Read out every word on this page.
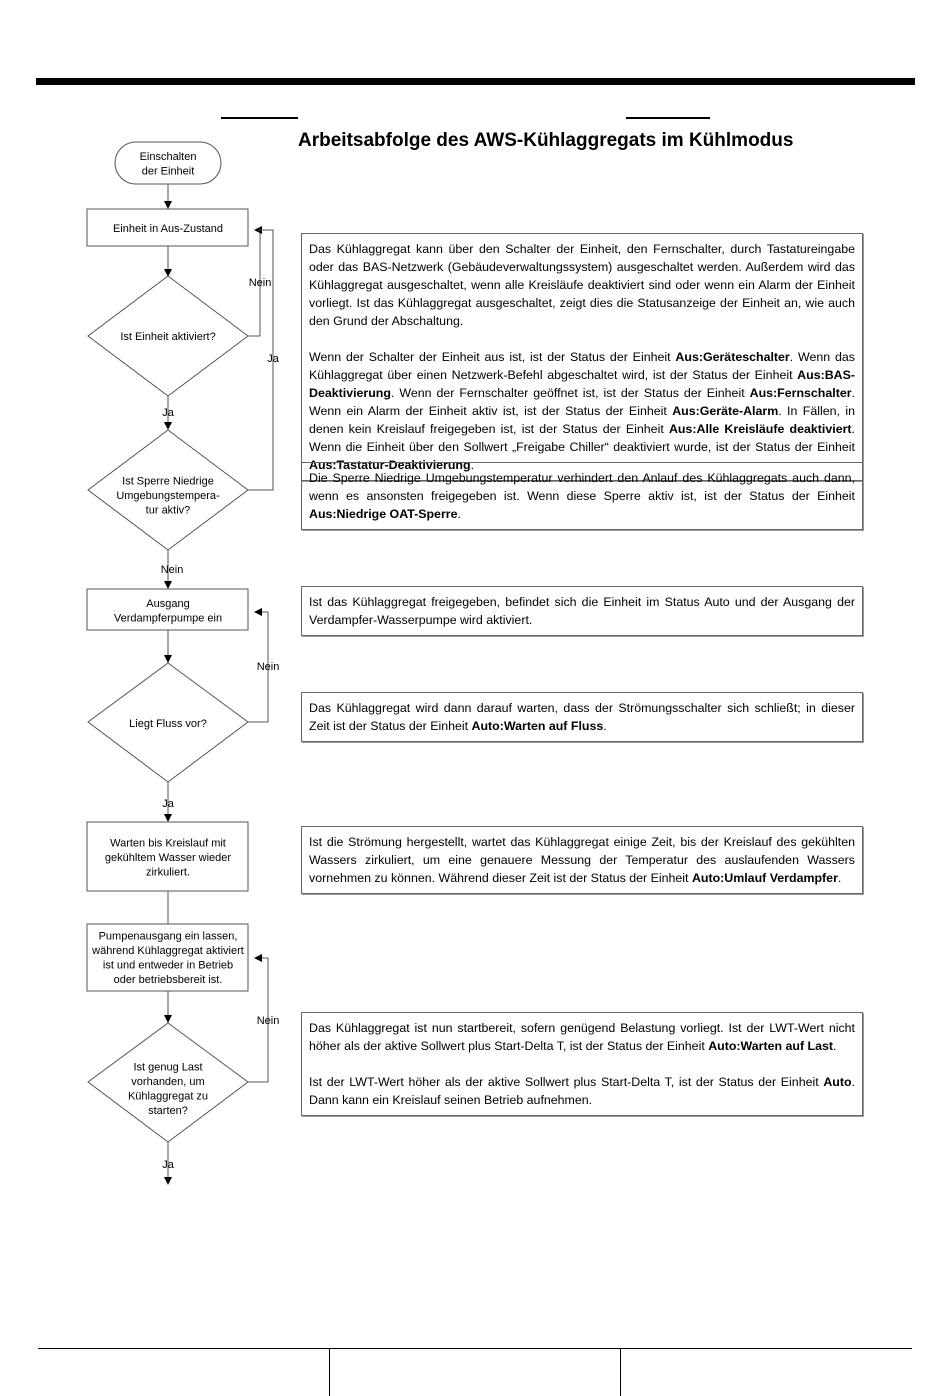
Arbeitsabfolge des AWS-Kühlaggregats im Kühlmodus
Einschalten der Einheit
Einheit in Aus-Zustand
Ist Einheit aktiviert?
Ist Sperre Niedrige Umgebungstempera-tur aktiv?
Ausgang Verdampferpumpe ein
Liegt Fluss vor?
Warten bis Kreislauf mit gekühltem Wasser wieder zirkuliert.
Pumpenausgang ein lassen, während Kühlaggregat aktiviert ist und entweder in Betrieb oder betriebsbereit ist.
Ist genug Last vorhanden, um Kühlaggregat zu starten?
Nein
Ja
Ja
Nein
Nein
Ja
Nein
Ja

Das Kühlaggregat kann über den Schalter der Einheit, den Fernschalter, durch Tastatureingabe oder das BAS-Netzwerk (Gebäudeverwaltungssystem) ausgeschaltet werden. Außerdem wird das Kühlaggregat ausgeschaltet, wenn alle Kreisläufe deaktiviert sind oder wenn ein Alarm der Einheit vorliegt. Ist das Kühlaggregat ausgeschaltet, zeigt dies die Statusanzeige der Einheit an, wie auch den Grund der Abschaltung.

Wenn der Schalter der Einheit aus ist, ist der Status der Einheit Aus:Geräteschalter. Wenn das Kühlaggregat über einen Netzwerk-Befehl abgeschaltet wird, ist der Status der Einheit Aus:BAS-Deaktivierung. Wenn der Fernschalter geöffnet ist, ist der Status der Einheit Aus:Fernschalter. Wenn ein Alarm der Einheit aktiv ist, ist der Status der Einheit Aus:Geräte-Alarm. In Fällen, in denen kein Kreislauf freigegeben ist, ist der Status der Einheit Aus:Alle Kreisläufe deaktiviert. Wenn die Einheit über den Sollwert „Freigabe Chiller“ deaktiviert wurde, ist der Status der Einheit Aus:Tastatur-Deaktivierung.

Die Sperre Niedrige Umgebungstemperatur verhindert den Anlauf des Kühlaggregats auch dann, wenn es ansonsten freigegeben ist. Wenn diese Sperre aktiv ist, ist der Status der Einheit Aus:Niedrige OAT-Sperre.

Ist das Kühlaggregat freigegeben, befindet sich die Einheit im Status Auto und der Ausgang der Verdampfer-Wasserpumpe wird aktiviert.

Das Kühlaggregat wird dann darauf warten, dass der Strömungsschalter sich schließt; in dieser Zeit ist der Status der Einheit Auto:Warten auf Fluss.

Ist die Strömung hergestellt, wartet das Kühlaggregat einige Zeit, bis der Kreislauf des gekühlten Wassers zirkuliert, um eine genauere Messung der Temperatur des auslaufenden Wassers vornehmen zu können. Während dieser Zeit ist der Status der Einheit Auto:Umlauf Verdampfer.

Das Kühlaggregat ist nun startbereit, sofern genügend Belastung vorliegt. Ist der LWT-Wert nicht höher als der aktive Sollwert plus Start-Delta T, ist der Status der Einheit Auto:Warten auf Last.

Ist der LWT-Wert höher als der aktive Sollwert plus Start-Delta T, ist der Status der Einheit Auto. Dann kann ein Kreislauf seinen Betrieb aufnehmen.
